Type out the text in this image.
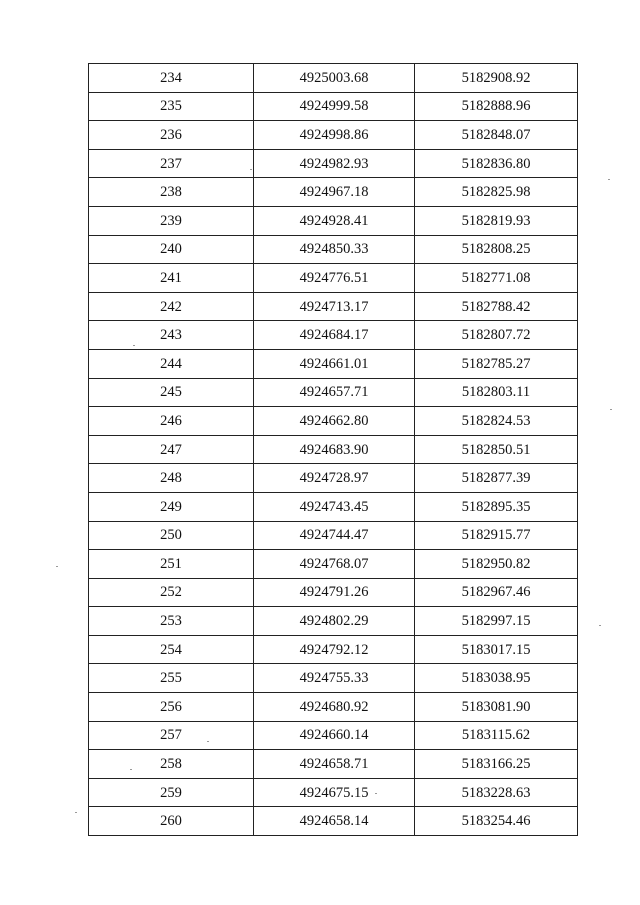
234	4925003.68	5182908.92
235	4924999.58	5182888.96
236	4924998.86	5182848.07
237	4924982.93	5182836.80
238	4924967.18	5182825.98
239	4924928.41	5182819.93
240	4924850.33	5182808.25
241	4924776.51	5182771.08
242	4924713.17	5182788.42
243	4924684.17	5182807.72
244	4924661.01	5182785.27
245	4924657.71	5182803.11
246	4924662.80	5182824.53
247	4924683.90	5182850.51
248	4924728.97	5182877.39
249	4924743.45	5182895.35
250	4924744.47	5182915.77
251	4924768.07	5182950.82
252	4924791.26	5182967.46
253	4924802.29	5182997.15
254	4924792.12	5183017.15
255	4924755.33	5183038.95
256	4924680.92	5183081.90
257	4924660.14	5183115.62
258	4924658.71	5183166.25
259	4924675.15	5183228.63
260	4924658.14	5183254.46
